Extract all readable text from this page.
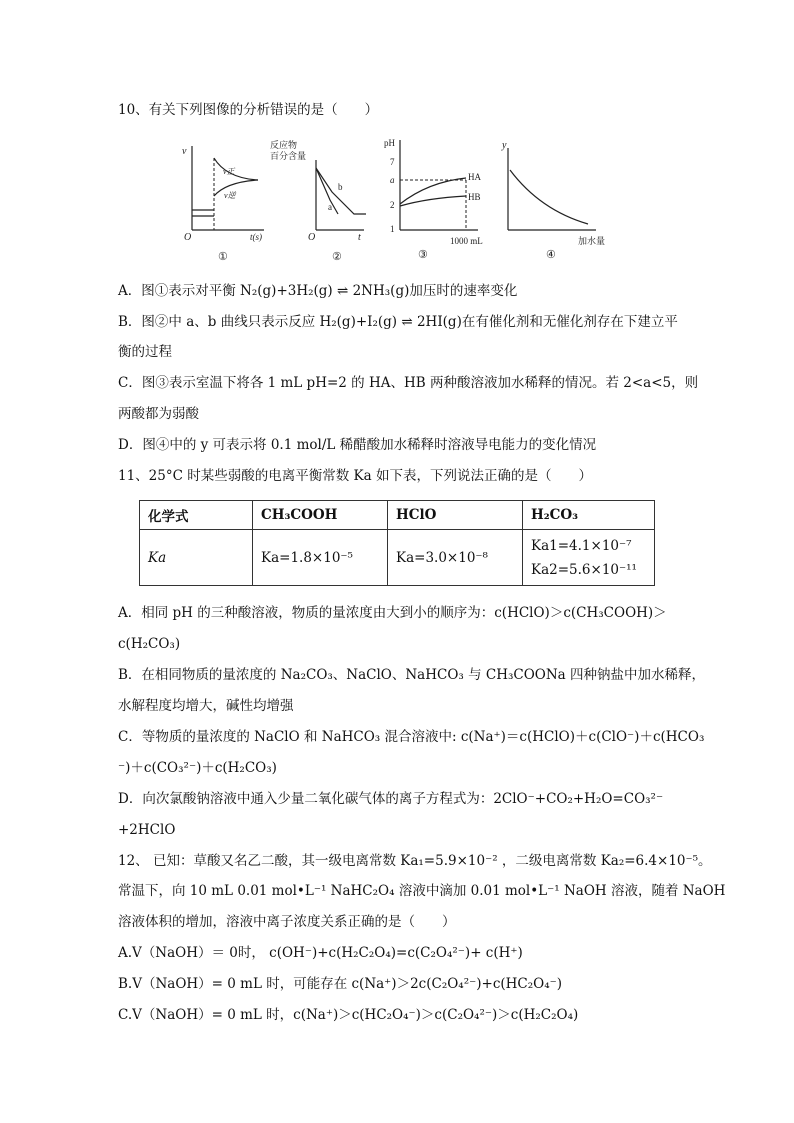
10、有关下列图像的分析错误的是（　　）
v
v正
v逆
O	t(s)
①
反应物
百分含量
a
b
O	t
②
pH
7
a
2
1
HA
HB
1000 mL
③
y
加水量
④
A．图①表示对平衡 N₂(g)+3H₂(g) ⇌ 2NH₃(g)加压时的速率变化
B．图②中 a、b 曲线只表示反应 H₂(g)+I₂(g) ⇌ 2HI(g)在有催化剂和无催化剂存在下建立平
衡的过程
C．图③表示室温下将各 1 mL pH=2 的 HA、HB 两种酸溶液加水稀释的情况。若 2<a<5，则
两酸都为弱酸
D．图④中的 y 可表示将 0.1 mol/L 稀醋酸加水稀释时溶液导电能力的变化情况
11、25°C 时某些弱酸的电离平衡常数 Ka 如下表，下列说法正确的是（　　）
化学式	CH₃COOH	HClO	H₂CO₃
Ka	Ka=1.8×10⁻⁵	Ka=3.0×10⁻⁸	Ka1=4.1×10⁻⁷
Ka2=5.6×10⁻¹¹
A．相同 pH 的三种酸溶液，物质的量浓度由大到小的顺序为：c(HClO)＞c(CH₃COOH)＞
c(H₂CO₃)
B．在相同物质的量浓度的 Na₂CO₃、NaClO、NaHCO₃ 与 CH₃COONa 四种钠盐中加水稀释，
水解程度均增大，碱性均增强
C．等物质的量浓度的 NaClO 和 NaHCO₃ 混合溶液中: c(Na⁺)＝c(HClO)＋c(ClO⁻)＋c(HCO₃
⁻)＋c(CO₃²⁻)＋c(H₂CO₃)
D．向次氯酸钠溶液中通入少量二氧化碳气体的离子方程式为：2ClO⁻+CO₂+H₂O=CO₃²⁻
+2HClO
12、 已知：草酸又名乙二酸，其一级电离常数 Ka₁=5.9×10⁻² ，二级电离常数 Ka₂=6.4×10⁻⁵。
常温下，向 10 mL 0.01 mol•L⁻¹ NaHC₂O₄ 溶液中滴加 0.01 mol•L⁻¹ NaOH 溶液，随着 NaOH
溶液体积的增加，溶液中离子浓度关系正确的是（　　）
A.V（NaOH）＝ 0时， c(OH⁻)+c(H₂C₂O₄)=c(C₂O₄²⁻)+ c(H⁺)
B.V（NaOH）= 0 mL 时，可能存在 c(Na⁺)＞2c(C₂O₄²⁻)+c(HC₂O₄⁻)
C.V（NaOH）= 0 mL 时，c(Na⁺)＞c(HC₂O₄⁻)＞c(C₂O₄²⁻)＞c(H₂C₂O₄)
